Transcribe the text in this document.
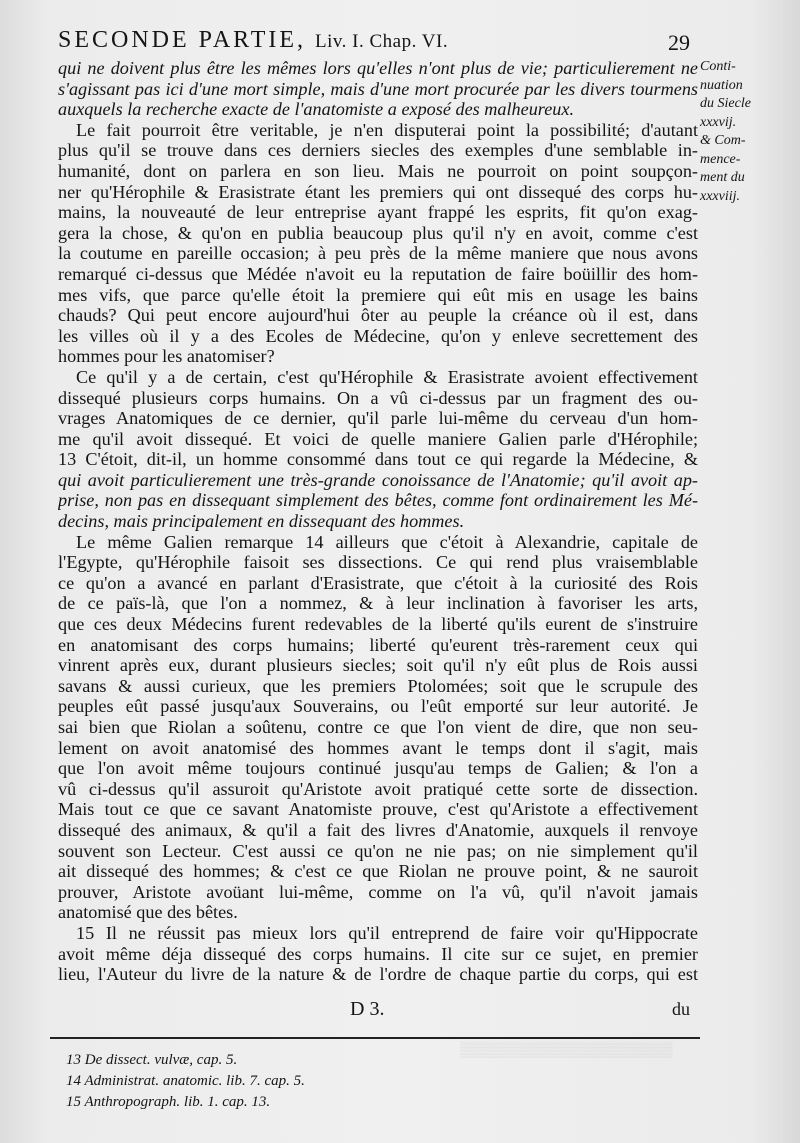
SECONDE PARTIE, Liv. I. Chap. VI.	29
Conti-
nuation
du Siecle
xxxvij.
& Com-
mence-
ment du
xxxviij.
qui ne doivent plus être les mêmes lors qu'elles n'ont plus de vie; particulierement ne
s'agissant pas ici d'une mort simple, mais d'une mort procurée par les divers tourmens
auxquels la recherche exacte de l'anatomiste a exposé des malheureux.
Le fait pourroit être veritable, je n'en disputerai point la possibilité; d'autant
plus qu'il se trouve dans ces derniers siecles des exemples d'une semblable in-
humanité, dont on parlera en son lieu. Mais ne pourroit on point soupçon-
ner qu'Hérophile & Erasistrate étant les premiers qui ont dissequé des corps hu-
mains, la nouveauté de leur entreprise ayant frappé les esprits, fit qu'on exag-
gera la chose, & qu'on en publia beaucoup plus qu'il n'y en avoit, comme c'est
la coutume en pareille occasion; à peu près de la même maniere que nous avons
remarqué ci-dessus que Médée n'avoit eu la reputation de faire boüillir des hom-
mes vifs, que parce qu'elle étoit la premiere qui eût mis en usage les bains
chauds? Qui peut encore aujourd'hui ôter au peuple la créance où il est, dans
les villes où il y a des Ecoles de Médecine, qu'on y enleve secrettement des
hommes pour les anatomiser?
Ce qu'il y a de certain, c'est qu'Hérophile & Erasistrate avoient effectivement
dissequé plusieurs corps humains. On a vû ci-dessus par un fragment des ou-
vrages Anatomiques de ce dernier, qu'il parle lui-même du cerveau d'un hom-
me qu'il avoit dissequé. Et voici de quelle maniere Galien parle d'Hérophile;
13 C'étoit, dit-il, un homme consommé dans tout ce qui regarde la Médecine, &
qui avoit particulierement une très-grande conoissance de l'Anatomie; qu'il avoit ap-
prise, non pas en dissequant simplement des bêtes, comme font ordinairement les Mé-
decins, mais principalement en dissequant des hommes.
Le même Galien remarque 14 ailleurs que c'étoit à Alexandrie, capitale de
l'Egypte, qu'Hérophile faisoit ses dissections. Ce qui rend plus vraisemblable
ce qu'on a avancé en parlant d'Erasistrate, que c'étoit à la curiosité des Rois
de ce païs-là, que l'on a nommez, & à leur inclination à favoriser les arts,
que ces deux Médecins furent redevables de la liberté qu'ils eurent de s'instruire
en anatomisant des corps humains; liberté qu'eurent très-rarement ceux qui
vinrent après eux, durant plusieurs siecles; soit qu'il n'y eût plus de Rois aussi
savans & aussi curieux, que les premiers Ptolomées; soit que le scrupule des
peuples eût passé jusqu'aux Souverains, ou l'eût emporté sur leur autorité. Je
sai bien que Riolan a soûtenu, contre ce que l'on vient de dire, que non seu-
lement on avoit anatomisé des hommes avant le temps dont il s'agit, mais
que l'on avoit même toujours continué jusqu'au temps de Galien; & l'on a
vû ci-dessus qu'il assuroit qu'Aristote avoit pratiqué cette sorte de dissection.
Mais tout ce que ce savant Anatomiste prouve, c'est qu'Aristote a effectivement
dissequé des animaux, & qu'il a fait des livres d'Anatomie, auxquels il renvoye
souvent son Lecteur. C'est aussi ce qu'on ne nie pas; on nie simplement qu'il
ait dissequé des hommes; & c'est ce que Riolan ne prouve point, & ne sauroit
prouver, Aristote avoüant lui-même, comme on l'a vû, qu'il n'avoit jamais
anatomisé que des bêtes.
15 Il ne réussit pas mieux lors qu'il entreprend de faire voir qu'Hippocrate
avoit même déja dissequé des corps humains. Il cite sur ce sujet, en premier
lieu, l'Auteur du livre de la nature & de l'ordre de chaque partie du corps, qui est
D 3.	du
13 De dissect. vulvæ, cap. 5.
14 Administrat. anatomic. lib. 7. cap. 5.
15 Anthropograph. lib. 1. cap. 13.
▒▒▒▒▒▒▒▒▒▒▒▒▒▒▒▒▒▒▒▒
